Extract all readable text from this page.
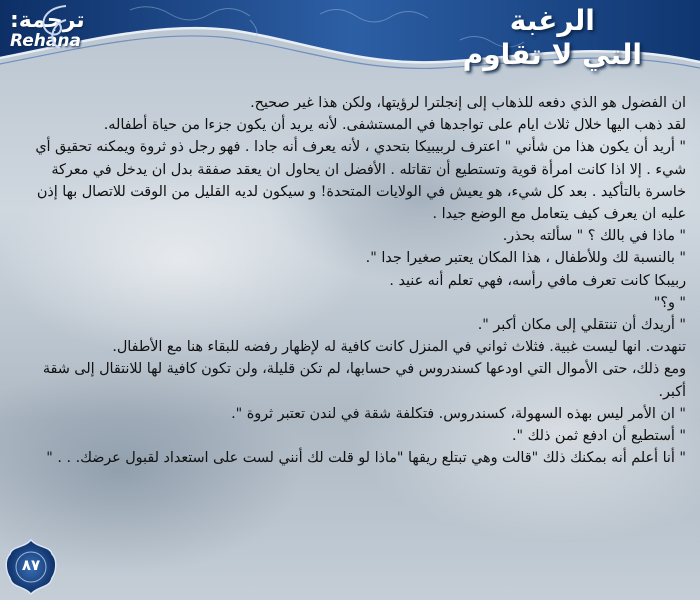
ترجمة:
Rehana
الرغبة
التي لا تقاوم

ان الفضول هو الذي دفعه للذهاب إلى إنجلترا لرؤيتها، ولكن هذا غير صحيح.

لقد ذهب اليها خلال ثلاث ايام على تواجدها في المستشفى. لأنه يريد أن يكون جزءا من حياة أطفاله.

" أريد أن يكون هذا من شأني " اعترف لربيبيكا بتحدي ، لأنه يعرف أنه جادا . فهو رجل ذو ثروة ويمكنه تحقيق أي شيء . إلا اذا كانت امرأة قوية وتستطيع أن تقاتله . الأفضل ان يحاول ان يعقد صفقة بدل ان يدخل في معركة خاسرة بالتأكيد . بعد كل شيء، هو يعيش في الولايات المتحدة! و سيكون لديه القليل من الوقت للاتصال بها إذن عليه ان يعرف كيف يتعامل مع الوضع جيدا .

" ماذا في بالك ؟ " سألته بحذر.

" بالنسبة لك وللأطفال ، هذا المكان يعتبر صغيرا جدا ".

ربيبكا كانت تعرف مافي رأسه، فهي تعلم أنه عنيد .

" و؟"

" أريدك أن تنتقلي إلى مكان أكبر ".

تنهدت. انها ليست غبية. فثلاث ثواني في المنزل كانت كافية له لإظهار رفضه للبقاء هنا مع الأطفال.

ومع ذلك، حتى الأموال التي اودعها كسندروس في حسابها، لم تكن قليلة، ولن تكون كافية لها للانتقال إلى شقة أكبر.

" ان الأمر ليس بهذه السهولة، كسندروس. فتكلفة شقة في لندن تعتبر ثروة ".

" أستطيع أن ادفع ثمن ذلك ".

" أنا أعلم أنه بمكنك ذلك "قالت وهي تبتلع ريقها "ماذا لو قلت لك أنني لست على استعداد لقبول عرضك. . . "

٨٧
